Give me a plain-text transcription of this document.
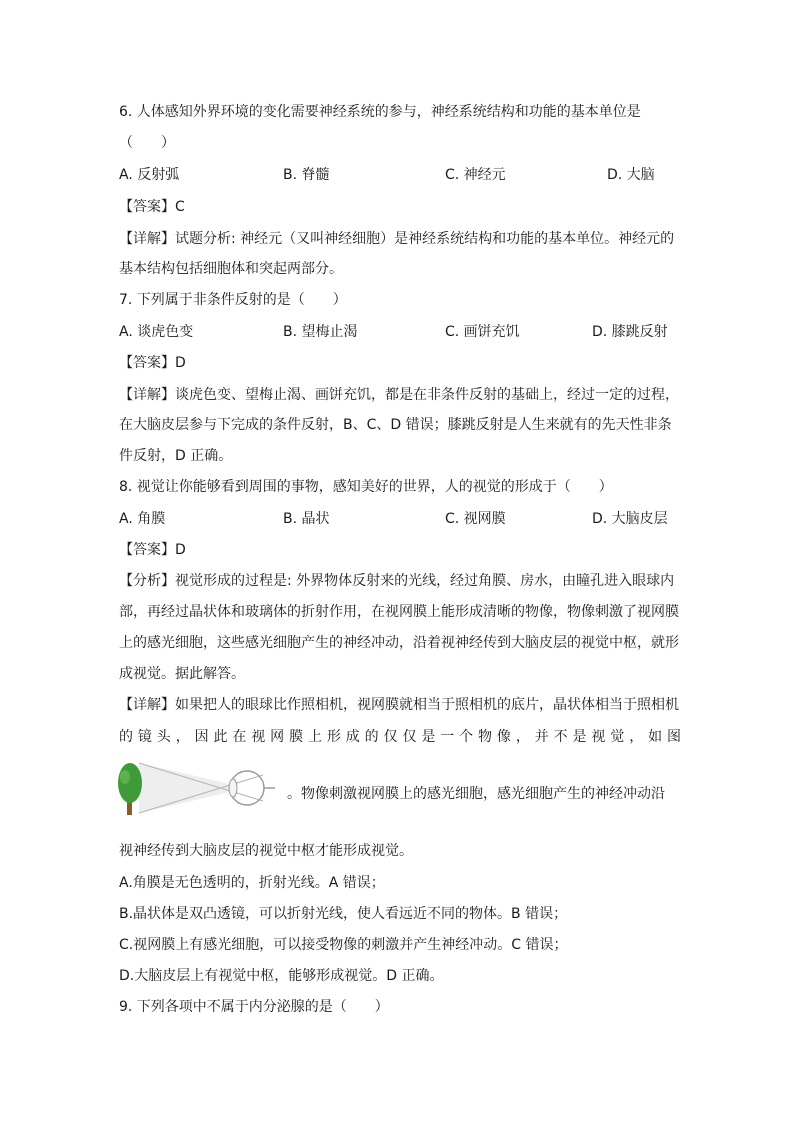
6. 人体感知外界环境的变化需要神经系统的参与，神经系统结构和功能的基本单位是
（　　）
A. 反射弧	B. 脊髓	C. 神经元	D. 大脑
【答案】C
【详解】试题分析: 神经元（又叫神经细胞）是神经系统结构和功能的基本单位。神经元的
基本结构包括细胞体和突起两部分。
7. 下列属于非条件反射的是（　　）
A. 谈虎色变	B. 望梅止渴	C. 画饼充饥	D. 膝跳反射
【答案】D
【详解】谈虎色变、望梅止渴、画饼充饥，都是在非条件反射的基础上，经过一定的过程，
在大脑皮层参与下完成的条件反射，B、C、D 错误；膝跳反射是人生来就有的先天性非条
件反射，D 正确。
8. 视觉让你能够看到周围的事物，感知美好的世界，人的视觉的形成于（　　）
A. 角膜	B. 晶状	C. 视网膜	D. 大脑皮层
【答案】D
【分析】视觉形成的过程是: 外界物体反射来的光线，经过角膜、房水，由瞳孔进入眼球内
部，再经过晶状体和玻璃体的折射作用，在视网膜上能形成清晰的物像，物像刺激了视网膜
上的感光细胞，这些感光细胞产生的神经冲动，沿着视神经传到大脑皮层的视觉中枢，就形
成视觉。据此解答。
【详解】如果把人的眼球比作照相机，视网膜就相当于照相机的底片，晶状体相当于照相机
的镜头，因此在视网膜上形成的仅仅是一个物像，并不是视觉，如图
。物像刺激视网膜上的感光细胞，感光细胞产生的神经冲动沿
视神经传到大脑皮层的视觉中枢才能形成视觉。
A.角膜是无色透明的，折射光线。A 错误；
B.晶状体是双凸透镜，可以折射光线，使人看远近不同的物体。B 错误；
C.视网膜上有感光细胞，可以接受物像的刺激并产生神经冲动。C 错误；
D.大脑皮层上有视觉中枢，能够形成视觉。D 正确。
9. 下列各项中不属于内分泌腺的是（　　）
